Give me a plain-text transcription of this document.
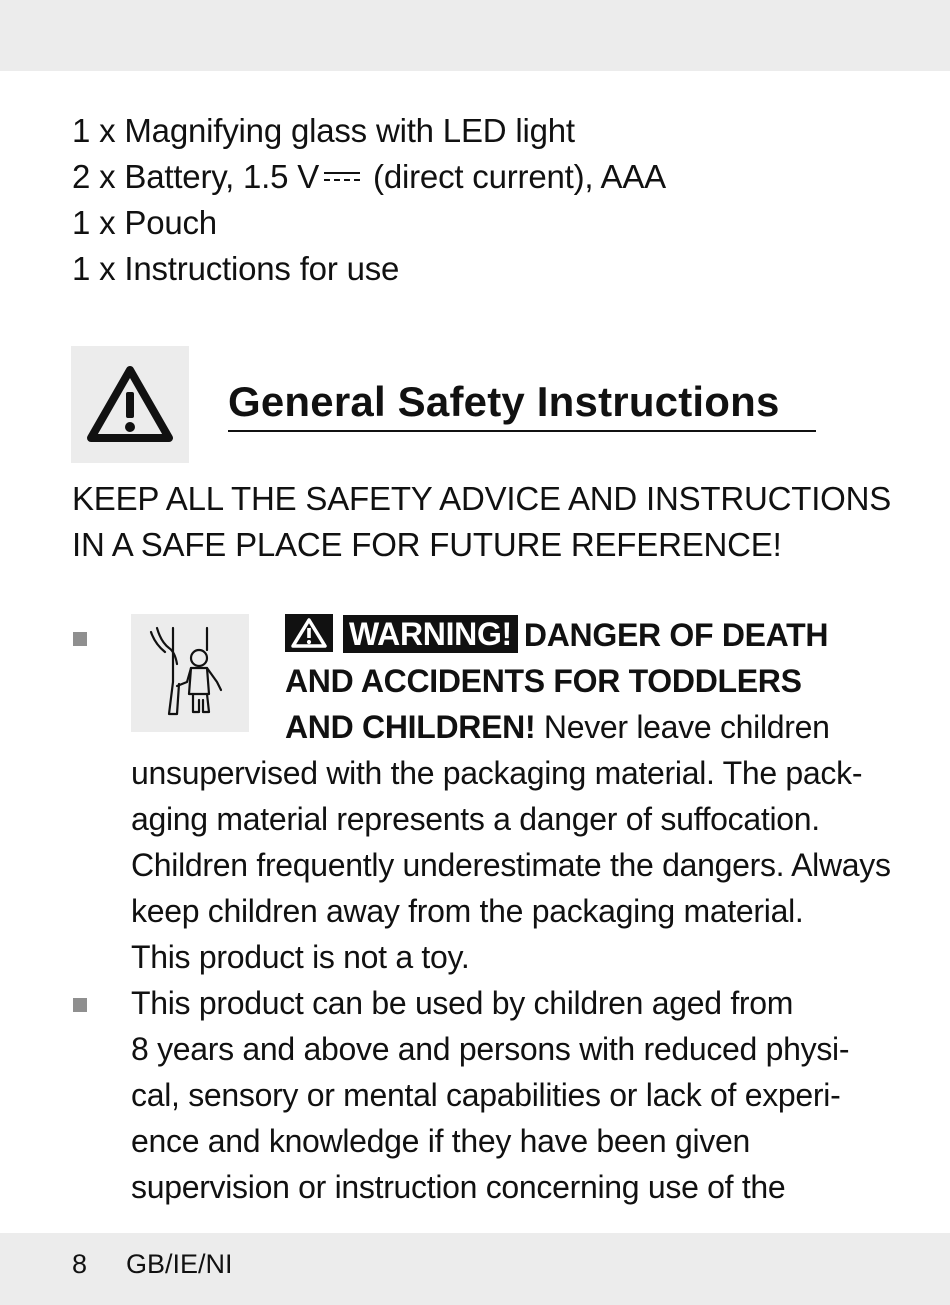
1 x Magnifying glass with LED light
2 x Battery, 1.5 V
(direct current), AAA
1 x Pouch
1 x Instructions for use
General Safety Instructions
KEEP ALL THE SAFETY ADVICE AND INSTRUCTIONS
IN A SAFE PLACE FOR FUTURE REFERENCE!
WARNING! DANGER OF DEATH
AND ACCIDENTS FOR TODDLERS
AND CHILDREN! Never leave children
unsupervised with the packaging material. The pack-
aging material represents a danger of suffocation.
Children frequently underestimate the dangers. Always
keep children away from the packaging material.
This product is not a toy.
This product can be used by children aged from
8 years and above and persons with reduced physi-
cal, sensory or mental capabilities or lack of experi-
ence and knowledge if they have been given
supervision or instruction concerning use of the
8 GB/IE/NI
